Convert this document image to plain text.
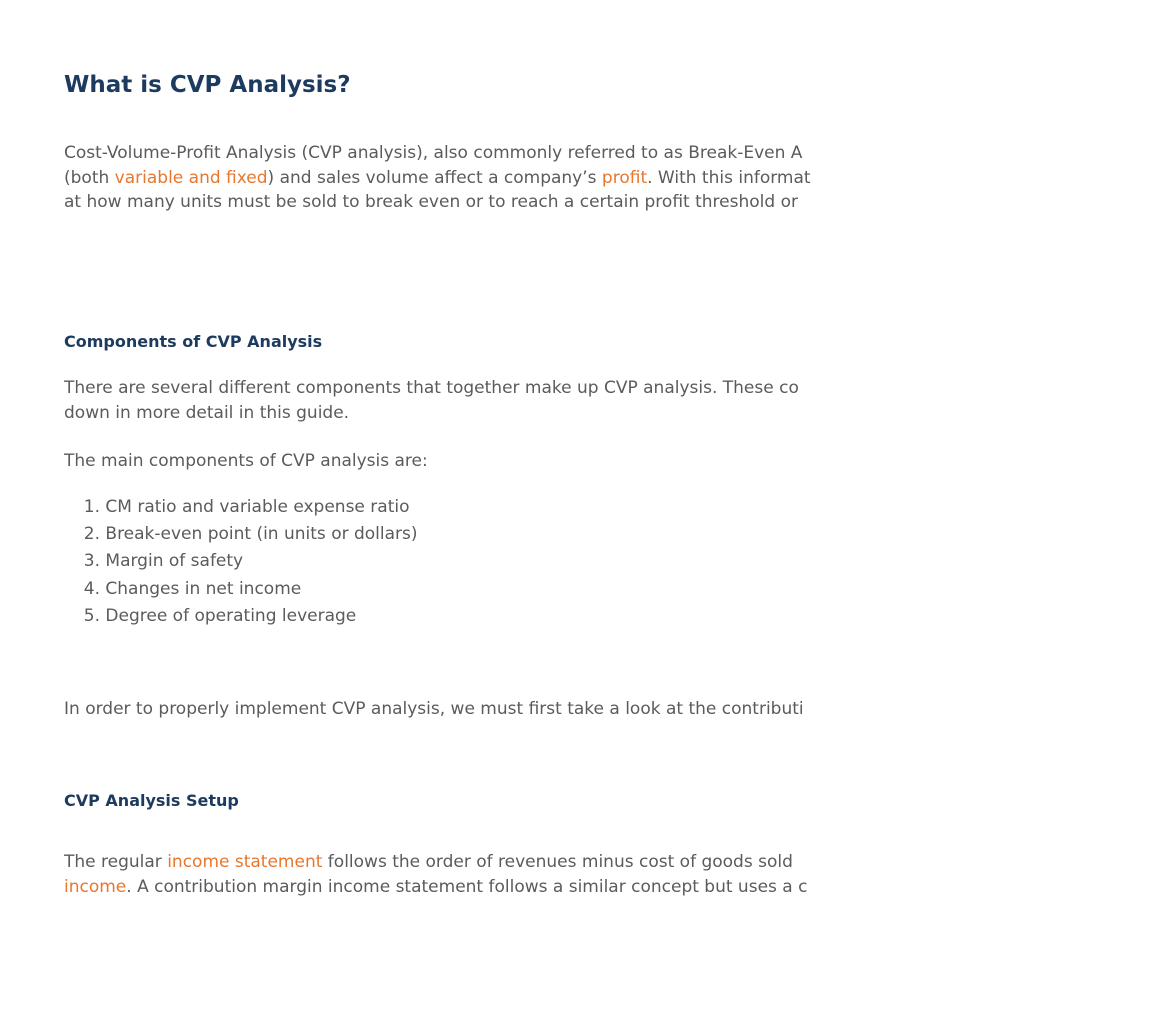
What is CVP Analysis?

Cost-Volume-Profit Analysis (CVP analysis), also commonly referred to as Break-Even A
(both variable and fixed) and sales volume affect a company’s profit. With this informat
at how many units must be sold to break even or to reach a certain profit threshold or

Components of CVP Analysis

There are several different components that together make up CVP analysis. These co
down in more detail in this guide.

The main components of CVP analysis are:

1. CM ratio and variable expense ratio
2. Break-even point (in units or dollars)
3. Margin of safety
4. Changes in net income
5. Degree of operating leverage

In order to properly implement CVP analysis, we must first take a look at the contributi

CVP Analysis Setup

The regular income statement follows the order of revenues minus cost of goods sold
income. A contribution margin income statement follows a similar concept but uses a c
